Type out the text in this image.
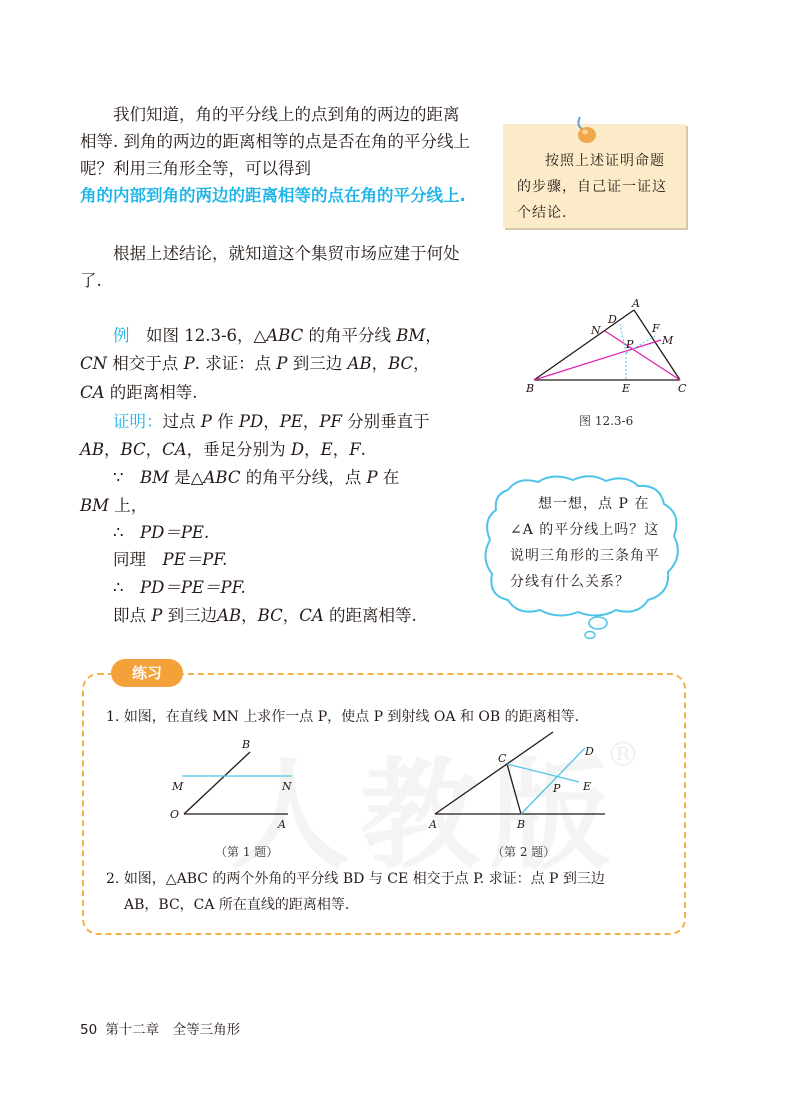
我们知道，角的平分线上的点到角的两边的距离相等. 到角的两边的距离相等的点是否在角的平分线上呢？利用三角形全等，可以得到
角的内部到角的两边的距离相等的点在角的平分线上.
根据上述结论，就知道这个集贸市场应建于何处了.
例　 如图 12.3-6，△ABC 的角平分线 BM，
CN 相交于点 P. 求证：点 P 到三边 AB，BC，
CA 的距离相等.
证明：过点 P 作 PD，PE，PF 分别垂直于
AB，BC，CA，垂足分别为 D，E，F.
∵　 BM 是△ABC 的角平分线，点 P 在
BM 上，
∴　 PD＝PE.
同理　 PE＝PF.
∴　 PD＝PE＝PF.
即点 P 到三边AB，BC，CA 的距离相等.
按照上述证明命题的步骤，自己证一证这个结论.
A
B	C
D
E
F
M
N
P
图 12.3-6
想一想，点 P 在∠A 的平分线上吗？这说明三角形的三条角平分线有什么关系？
练习
1. 如图，在直线 MN 上求作一点 P，使点 P 到射线 OA 和 OB 的距离相等.
®
B
M	N
O
A
（第 1 题）
C
D
E
P
A	B
（第 2 题）
2. 如图，△ABC 的两个外角的平分线 BD 与 CE 相交于点 P. 求证：点 P 到三边
AB，BC，CA 所在直线的距离相等.
50 第十二章　全等三角形
